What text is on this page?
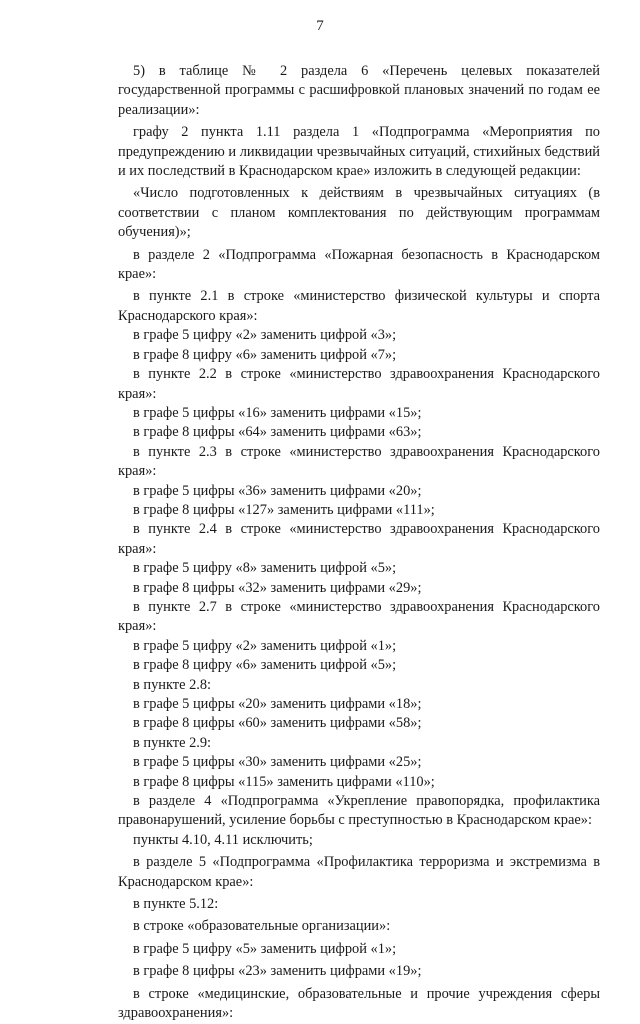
7

5) в таблице № 2 раздела 6 «Перечень целевых показателей государственной программы с расшифровкой плановых значений по годам ее реализации»:

графу 2 пункта 1.11 раздела 1 «Подпрограмма «Мероприятия по предупреждению и ликвидации чрезвычайных ситуаций, стихийных бедствий и их последствий в Краснодарском крае» изложить в следующей редакции:

«Число подготовленных к действиям в чрезвычайных ситуациях (в соответствии с планом комплектования по действующим программам обучения)»;

в разделе 2 «Подпрограмма «Пожарная безопасность в Краснодарском крае»:

в пункте 2.1 в строке «министерство физической культуры и спорта Краснодарского края»:

в графе 5 цифру «2» заменить цифрой «3»;

в графе 8 цифру «6» заменить цифрой «7»;

в пункте 2.2 в строке «министерство здравоохранения Краснодарского края»:

в графе 5 цифры «16» заменить цифрами «15»;

в графе 8 цифры «64» заменить цифрами «63»;

в пункте 2.3 в строке «министерство здравоохранения Краснодарского края»:

в графе 5 цифры «36» заменить цифрами «20»;

в графе 8 цифры «127» заменить цифрами «111»;

в пункте 2.4 в строке «министерство здравоохранения Краснодарского края»:

в графе 5 цифру «8» заменить цифрой «5»;

в графе 8 цифры «32» заменить цифрами «29»;

в пункте 2.7 в строке «министерство здравоохранения Краснодарского края»:

в графе 5 цифру «2» заменить цифрой «1»;

в графе 8 цифру «6» заменить цифрой «5»;

в пункте 2.8:

в графе 5 цифры «20» заменить цифрами «18»;

в графе 8 цифры «60» заменить цифрами «58»;

в пункте 2.9:

в графе 5 цифры «30» заменить цифрами «25»;

в графе 8 цифры «115» заменить цифрами «110»;

в разделе 4 «Подпрограмма «Укрепление правопорядка, профилактика правонарушений, усиление борьбы с преступностью в Краснодарском крае»:

пункты 4.10, 4.11 исключить;

в разделе 5 «Подпрограмма «Профилактика терроризма и экстремизма в Краснодарском крае»:

в пункте 5.12:

в строке «образовательные организации»:

в графе 5 цифру «5» заменить цифрой «1»;

в графе 8 цифры «23» заменить цифрами «19»;

в строке «медицинские, образовательные и прочие учреждения сферы здравоохранения»:
